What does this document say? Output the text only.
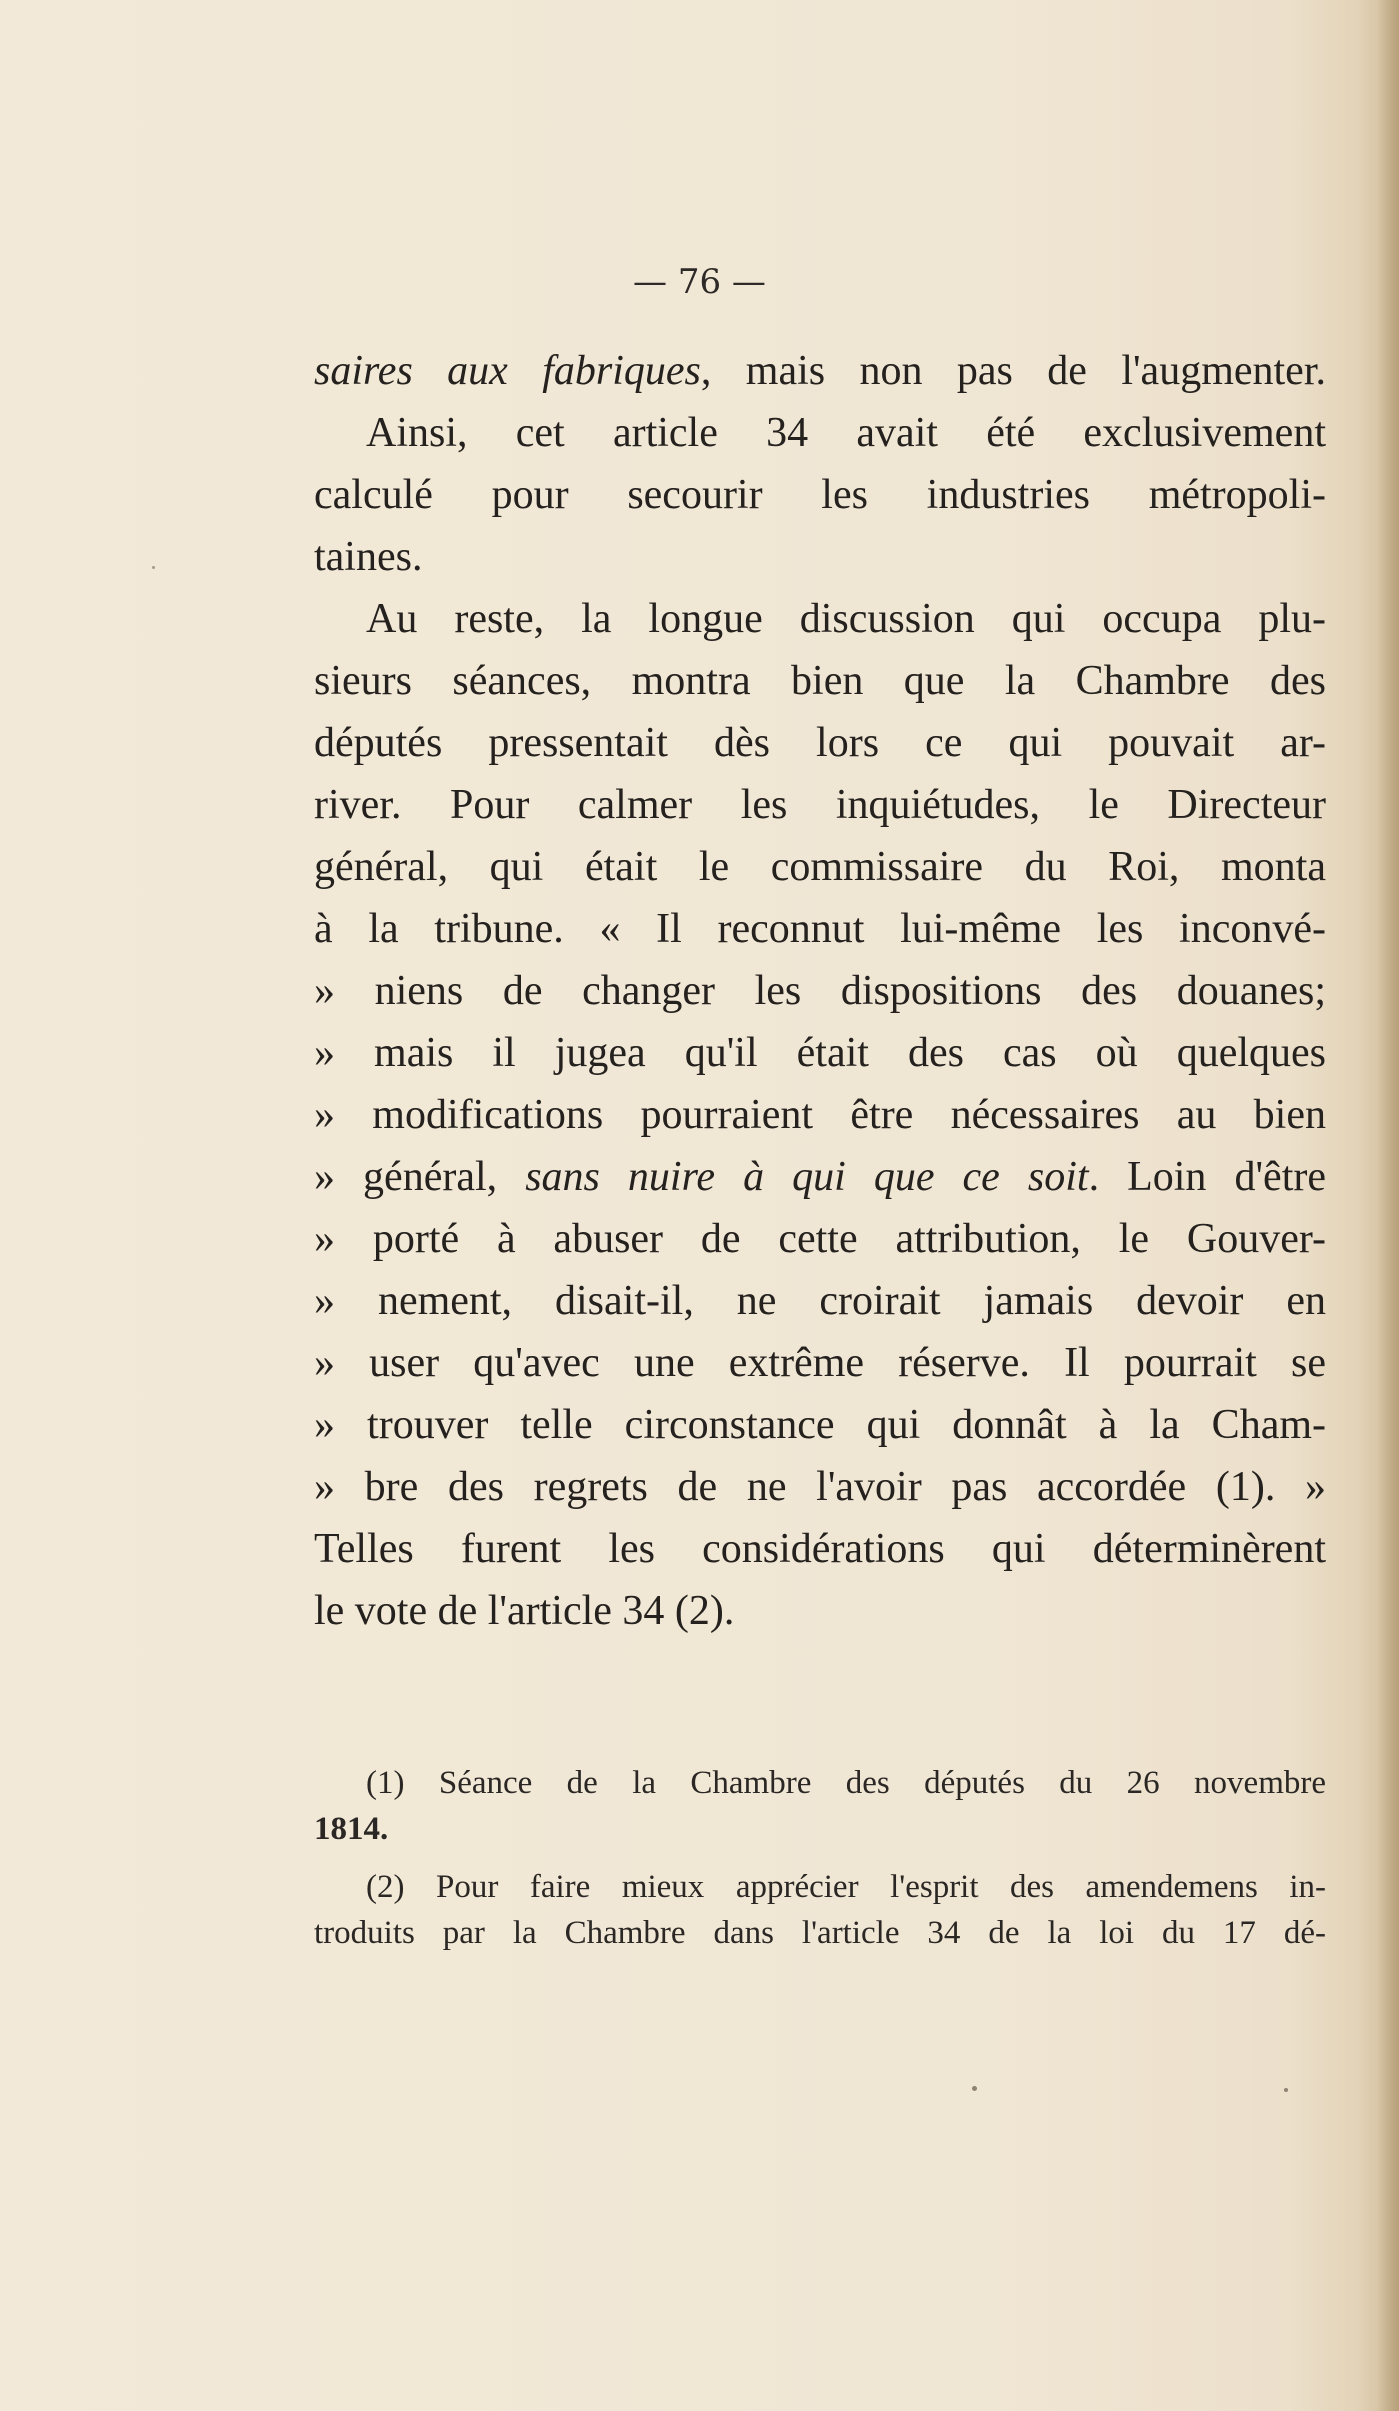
— 76 —

saires aux fabriques, mais non pas de l'augmenter.
Ainsi, cet article 34 avait été exclusivement
calculé pour secourir les industries métropoli-
taines.
Au reste, la longue discussion qui occupa plu-
sieurs séances, montra bien que la Chambre des
députés pressentait dès lors ce qui pouvait ar-
river. Pour calmer les inquiétudes, le Directeur
général, qui était le commissaire du Roi, monta
à la tribune. « Il reconnut lui-même les inconvé-
» niens de changer les dispositions des douanes;
» mais il jugea qu'il était des cas où quelques
» modifications pourraient être nécessaires au bien
» général, sans nuire à qui que ce soit. Loin d'être
» porté à abuser de cette attribution, le Gouver-
» nement, disait-il, ne croirait jamais devoir en
» user qu'avec une extrême réserve. Il pourrait se
» trouver telle circonstance qui donnât à la Cham-
» bre des regrets de ne l'avoir pas accordée (1). »
Telles furent les considérations qui déterminèrent
le vote de l'article 34 (2).
(1) Séance de la Chambre des députés du 26 novembre
1814.
(2) Pour faire mieux apprécier l'esprit des amendemens in-
troduits par la Chambre dans l'article 34 de la loi du 17 dé-
